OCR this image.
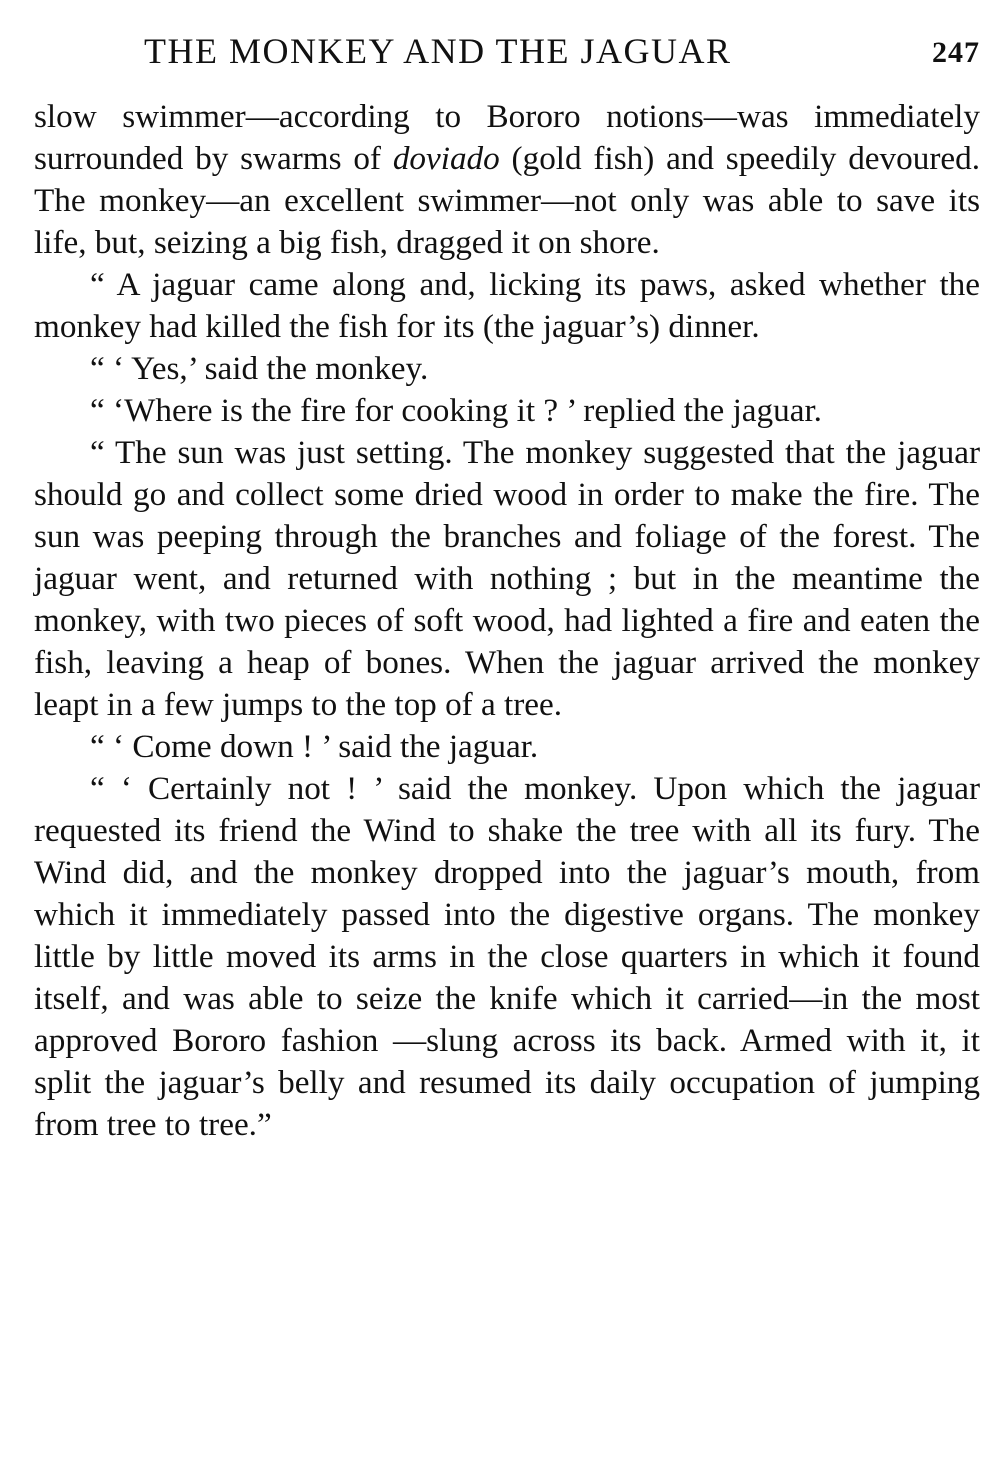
THE MONKEY AND THE JAGUAR	247

slow swimmer—according to Bororo notions—was immediately surrounded by swarms of doviado (gold fish) and speedily devoured. The monkey—an excellent swimmer—not only was able to save its life, but, seizing a big fish, dragged it on shore.

“ A jaguar came along and, licking its paws, asked whether the monkey had killed the fish for its (the jaguar’s) dinner.

“ ‘ Yes,’ said the monkey.

“ ‘Where is the fire for cooking it ? ’ replied the jaguar.

“ The sun was just setting. The monkey suggested that the jaguar should go and collect some dried wood in order to make the fire. The sun was peeping through the branches and foliage of the forest. The jaguar went, and returned with nothing ; but in the meantime the monkey, with two pieces of soft wood, had lighted a fire and eaten the fish, leaving a heap of bones. When the jaguar arrived the monkey leapt in a few jumps to the top of a tree.

“ ‘ Come down ! ’ said the jaguar.

“ ‘ Certainly not ! ’ said the monkey. Upon which the jaguar requested its friend the Wind to shake the tree with all its fury. The Wind did, and the monkey dropped into the jaguar’s mouth, from which it immediately passed into the digestive organs. The monkey little by little moved its arms in the close quarters in which it found itself, and was able to seize the knife which it carried—in the most approved Bororo fashion —slung across its back. Armed with it, it split the jaguar’s belly and resumed its daily occupation of jumping from tree to tree.”
